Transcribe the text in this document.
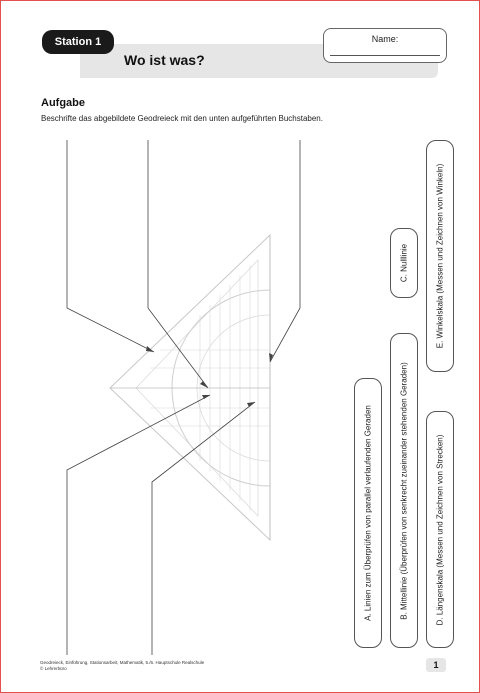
Station 1
Wo ist was?
Name:
Aufgabe
Beschrifte das abgebildete Geodreieck mit den unten aufgeführten Buchstaben.
A. Linien zum Überprüfen von parallel verlaufenden Geraden	B. Mittellinie (Überprüfen von senkrecht zueinander stehenden Geraden)
C. Nulllinie
D. Längenskala (Messen und Zeichnen von Strecken)
E. Winkelskala (Messen und Zeichnen von Winkeln)
Geodreieck, Einführung, Stationsarbeit, Mathematik, 5./6. Hauptschule Realschule
© Lehrerbüro	1
